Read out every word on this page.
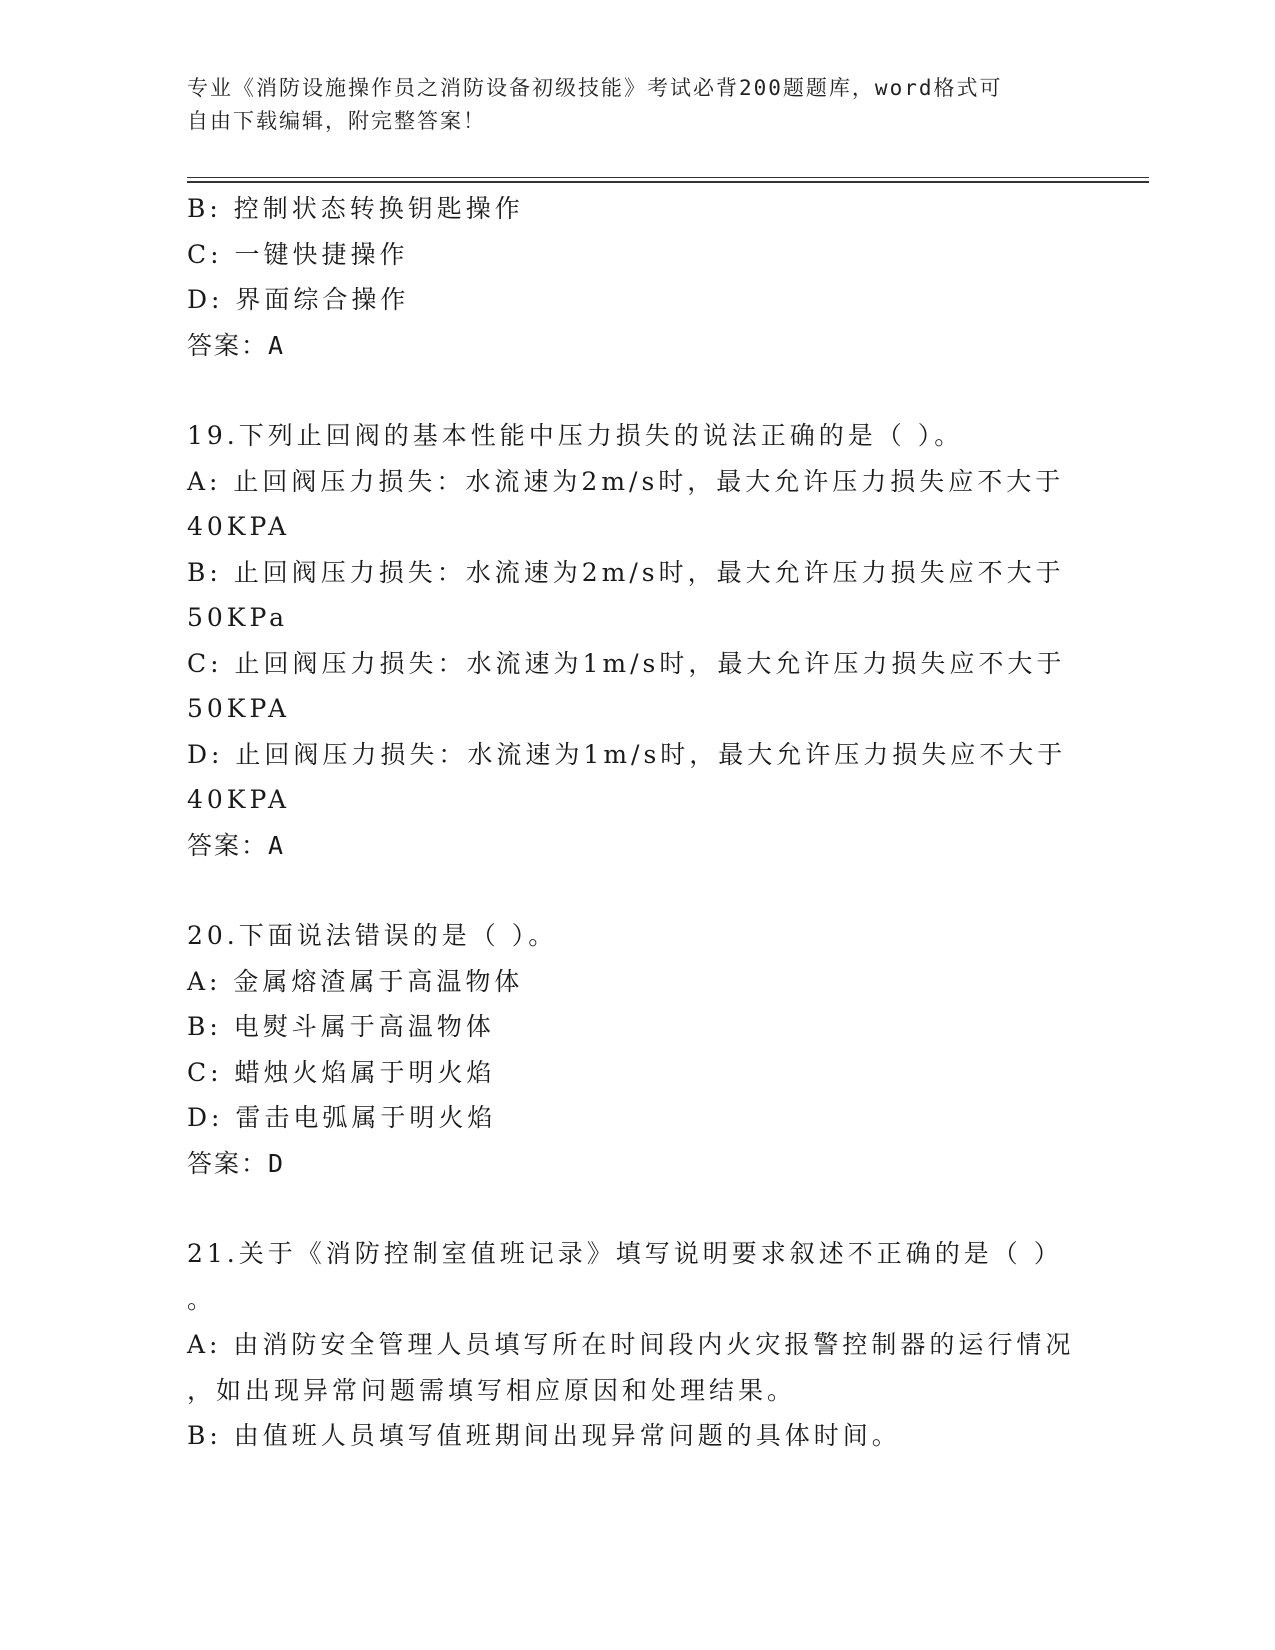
专业《消防设施操作员之消防设备初级技能》考试必背200题题库，word格式可
自由下载编辑，附完整答案！
B: 控制状态转换钥匙操作
C: 一键快捷操作
D: 界面综合操作
答案：A
19.下列止回阀的基本性能中压力损失的说法正确的是（ ）。
A: 止回阀压力损失：水流速为2m/s时，最大允许压力损失应不大于
40KPA
B: 止回阀压力损失：水流速为2m/s时，最大允许压力损失应不大于
50KPa
C: 止回阀压力损失：水流速为1m/s时，最大允许压力损失应不大于
50KPA
D: 止回阀压力损失：水流速为1m/s时，最大允许压力损失应不大于
40KPA
答案：A
20.下面说法错误的是（ ）。
A: 金属熔渣属于高温物体
B: 电熨斗属于高温物体
C: 蜡烛火焰属于明火焰
D: 雷击电弧属于明火焰
答案：D
21.关于《消防控制室值班记录》填写说明要求叙述不正确的是（ ）
。
A: 由消防安全管理人员填写所在时间段内火灾报警控制器的运行情况
，如出现异常问题需填写相应原因和处理结果。
B: 由值班人员填写值班期间出现异常问题的具体时间。
